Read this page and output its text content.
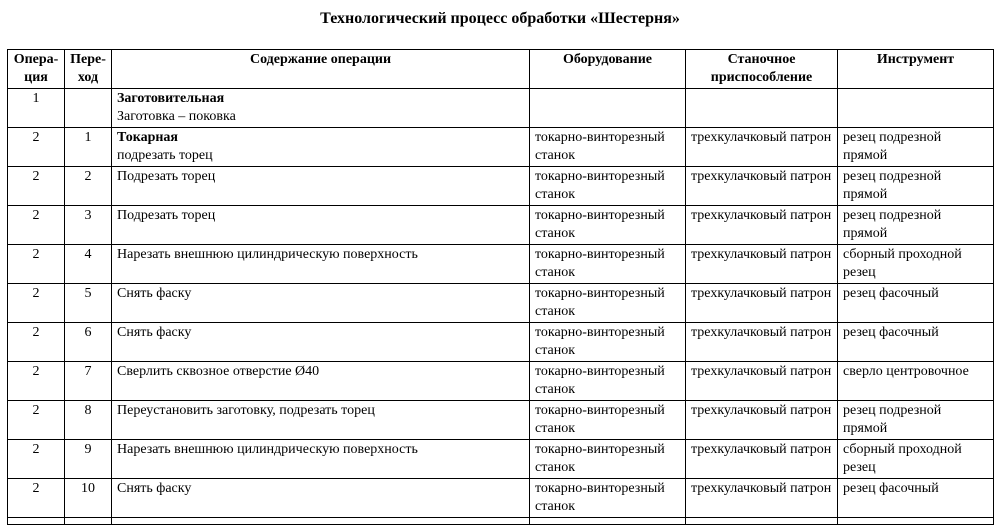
Технологический процесс обработки «Шестерня»
Опера-ция	Пере-ход	Содержание операции	Оборудование	Станочное приспособление	Инструмент
1		Заготовительная
Заготовка – поковка			
2	1	Токарная
подрезать торец	токарно-винторезный станок	трехкулачковый патрон	резец подрезной прямой
2	2	Подрезать торец	токарно-винторезный станок	трехкулачковый патрон	резец подрезной прямой
2	3	Подрезать торец	токарно-винторезный станок	трехкулачковый патрон	резец подрезной прямой
2	4	Нарезать внешнюю цилиндрическую поверхность	токарно-винторезный станок	трехкулачковый патрон	сборный проходной резец
2	5	Снять фаску	токарно-винторезный станок	трехкулачковый патрон	резец фасочный
2	6	Снять фаску	токарно-винторезный станок	трехкулачковый патрон	резец фасочный
2	7	Сверлить сквозное отверстие Ø40	токарно-винторезный станок	трехкулачковый патрон	сверло центровочное
2	8	Переустановить заготовку, подрезать торец	токарно-винторезный станок	трехкулачковый патрон	резец подрезной прямой
2	9	Нарезать внешнюю цилиндрическую поверхность	токарно-винторезный станок	трехкулачковый патрон	сборный проходной резец
2	10	Снять фаску	токарно-винторезный станок	трехкулачковый патрон	резец фасочный
